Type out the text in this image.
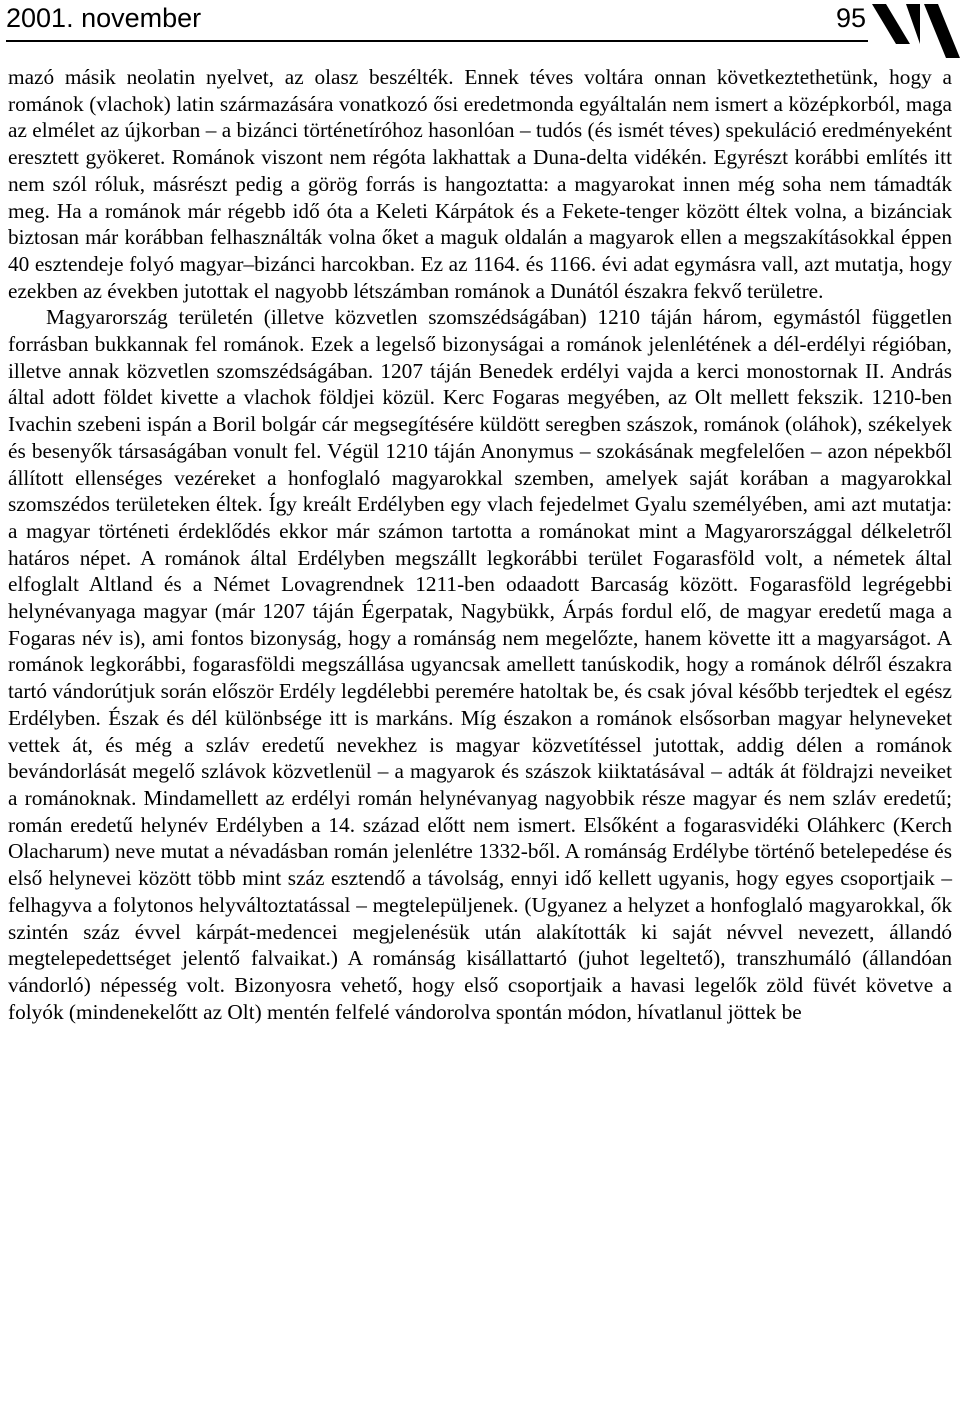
2001. november	95

mazó másik neolatin nyelvet, az olasz beszélték. Ennek téves voltára onnan következtethetünk, hogy a románok (vlachok) latin származására vonatkozó ősi eredetmonda egyáltalán nem ismert a középkorból, maga az elmélet az újkorban – a bizánci történetíróhoz hasonlóan – tudós (és ismét téves) spekuláció eredményeként eresztett gyökeret. Románok viszont nem régóta lakhattak a Duna-delta vidékén. Egyrészt korábbi említés itt nem szól róluk, másrészt pedig a görög forrás is hangoztatta: a magyarokat innen még soha nem támadták meg. Ha a románok már régebb idő óta a Keleti Kárpátok és a Fekete-tenger között éltek volna, a bizánciak biztosan már korábban felhasználták volna őket a maguk oldalán a magyarok ellen a megszakításokkal éppen 40 esztendeje folyó magyar–bizánci harcokban. Ez az 1164. és 1166. évi adat egymásra vall, azt mutatja, hogy ezekben az években jutottak el nagyobb létszámban románok a Dunától északra fekvő területre.

Magyarország területén (illetve közvetlen szomszédságában) 1210 táján három, egymástól független forrásban bukkannak fel románok. Ezek a legelső bizonyságai a románok jelenlétének a dél-erdélyi régióban, illetve annak közvetlen szomszédságában. 1207 táján Benedek erdélyi vajda a kerci monostornak II. András által adott földet kivette a vlachok földjei közül. Kerc Fogaras megyében, az Olt mellett fekszik. 1210-ben Ivachin szebeni ispán a Boril bolgár cár megsegítésére küldött seregben szászok, románok (oláhok), székelyek és besenyők társaságában vonult fel. Végül 1210 táján Anonymus – szokásának megfelelően – azon népekből állított ellenséges vezéreket a honfoglaló magyarokkal szemben, amelyek saját korában a magyarokkal szomszédos területeken éltek. Így kreált Erdélyben egy vlach fejedelmet Gyalu személyében, ami azt mutatja: a magyar történeti érdeklődés ekkor már számon tartotta a románokat mint a Magyarországgal délkeletről határos népet. A románok által Erdélyben megszállt legkorábbi terület Fogarasföld volt, a németek által elfoglalt Altland és a Német Lovagrendnek 1211-ben odaadott Barcaság között. Fogarasföld legrégebbi helynévanyaga magyar (már 1207 táján Égerpatak, Nagybükk, Árpás fordul elő, de magyar eredetű maga a Fogaras név is), ami fontos bizonyság, hogy a románság nem megelőzte, hanem követte itt a magyarságot. A románok legkorábbi, fogarasföldi megszállása ugyancsak amellett tanúskodik, hogy a románok délről északra tartó vándorútjuk során először Erdély legdélebbi peremére hatoltak be, és csak jóval később terjedtek el egész Erdélyben. Észak és dél különbsége itt is markáns. Míg északon a románok elsősorban magyar helyneveket vettek át, és még a szláv eredetű nevekhez is magyar közvetítéssel jutottak, addig délen a románok bevándorlását megelő szlávok közvetlenül – a magyarok és szászok kiiktatásával – adták át földrajzi neveiket a románoknak. Mindamellett az erdélyi román helynévanyag nagyobbik része magyar és nem szláv eredetű; román eredetű helynév Erdélyben a 14. század előtt nem ismert. Elsőként a fogarasvidéki Oláhkerc (Kerch Olacharum) neve mutat a névadásban román jelenlétre 1332-ből. A románság Erdélybe történő betelepedése és első helynevei között több mint száz esztendő a távolság, ennyi idő kellett ugyanis, hogy egyes csoportjaik – felhagyva a folytonos helyváltoztatással – megtelepüljenek. (Ugyanez a helyzet a honfoglaló magyarokkal, ők szintén száz évvel kárpát-medencei megjelenésük után alakították ki saját névvel nevezett, állandó megtelepedettséget jelentő falvaikat.) A románság kisállattartó (juhot legeltető), transzhumáló (állandóan vándorló) népesség volt. Bizonyosra vehető, hogy első csoportjaik a havasi legelők zöld füvét követve a folyók (mindenekelőtt az Olt) mentén felfelé vándorolva spontán módon, hívatlanul jöttek be
